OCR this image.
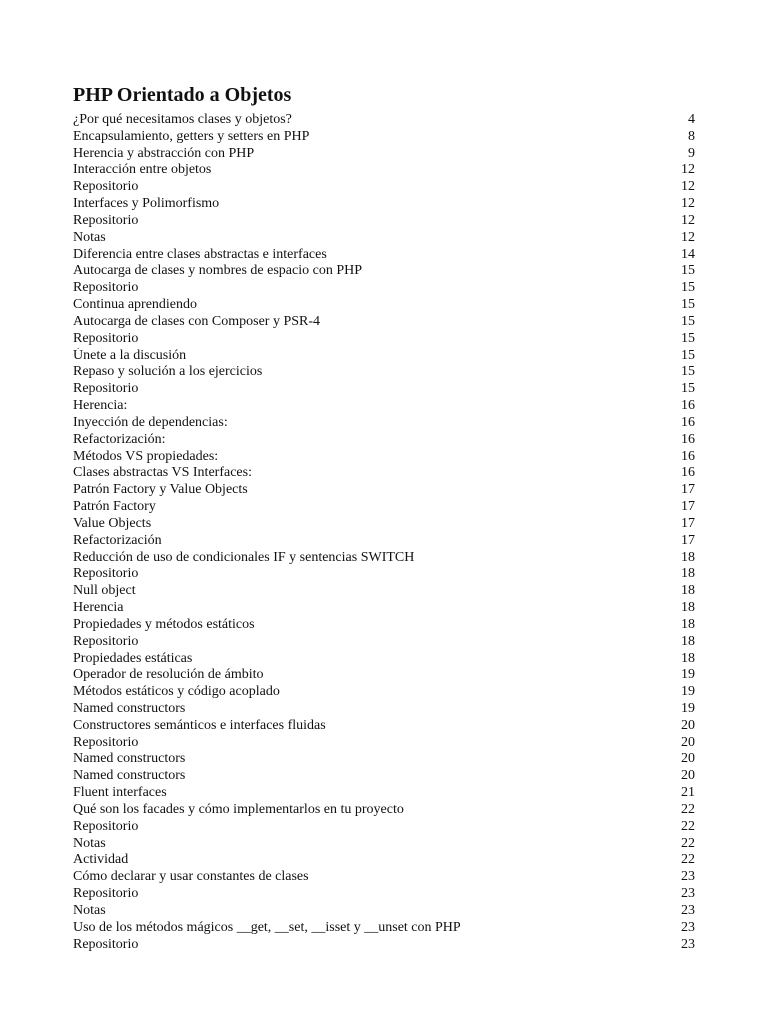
PHP Orientado a Objetos
¿Por qué necesitamos clases y objetos?	4
Encapsulamiento, getters y setters en PHP	8
Herencia y abstracción con PHP	9
Interacción entre objetos	12
Repositorio	12
Interfaces y Polimorfismo	12
Repositorio	12
Notas	12
Diferencia entre clases abstractas e interfaces	14
Autocarga de clases y nombres de espacio con PHP	15
Repositorio	15
Continua aprendiendo	15
Autocarga de clases con Composer y PSR-4	15
Repositorio	15
Únete a la discusión	15
Repaso y solución a los ejercicios	15
Repositorio	15
Herencia:	16
Inyección de dependencias:	16
Refactorización:	16
Métodos VS propiedades:	16
Clases abstractas VS Interfaces:	16
Patrón Factory y Value Objects	17
Patrón Factory	17
Value Objects	17
Refactorización	17
Reducción de uso de condicionales IF y sentencias SWITCH	18
Repositorio	18
Null object	18
Herencia	18
Propiedades y métodos estáticos	18
Repositorio	18
Propiedades estáticas	18
Operador de resolución de ámbito	19
Métodos estáticos y código acoplado	19
Named constructors	19
Constructores semánticos e interfaces fluidas	20
Repositorio	20
Named constructors	20
Named constructors	20
Fluent interfaces	21
Qué son los facades y cómo implementarlos en tu proyecto	22
Repositorio	22
Notas	22
Actividad	22
Cómo declarar y usar constantes de clases	23
Repositorio	23
Notas	23
Uso de los métodos mágicos __get, __set, __isset y __unset con PHP	23
Repositorio	23
